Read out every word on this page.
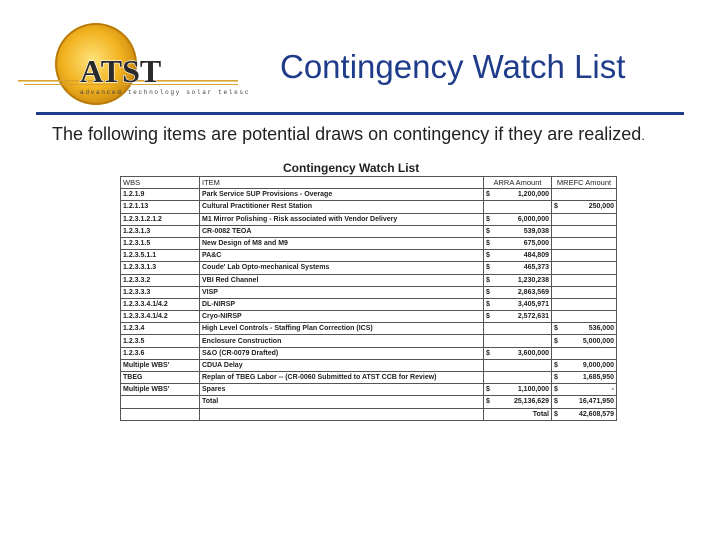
ATST
advanced technology solar telescope
Contingency Watch List
The following items are potential draws on contingency if they are realized.
Contingency Watch List
WBS	ITEM	ARRA Amount	MREFC Amount
1.2.1.9	Park Service SUP Provisions - Overage	$ 1,200,000	

1.2.1.13	Cultural Practitioner Rest Station		$ 250,000

1.2.3.1.2.1.2	M1 Mirror Polishing - Risk associated with Vendor Delivery	$ 6,000,000	

1.2.3.1.3	CR-0082 TEOA	$ 539,038	

1.2.3.1.5	New Design of M8 and M9	$ 675,000	

1.2.3.5.1.1	PA&C	$ 484,809	

1.2.3.3.1.3	Coude' Lab Opto-mechanical Systems	$ 465,373	

1.2.3.3.2	VBI Red Channel	$ 1,230,238	

1.2.3.3.3	VISP	$ 2,863,569	

1.2.3.3.4.1/4.2	DL-NIRSP	$ 3,405,971	

1.2.3.3.4.1/4.2	Cryo-NIRSP	$ 2,572,631	

1.2.3.4	High Level Controls - Staffing Plan Correction (ICS)		$ 536,000

1.2.3.5	Enclosure Construction		$ 5,000,000

1.2.3.6	S&O (CR-0079 Drafted)	$ 3,600,000	

Multiple WBS'	CDUA Delay		$ 9,000,000

TBEG	Replan of TBEG Labor -- (CR-0060 Submitted to ATST CCB for Review)		$ 1,685,950

Multiple WBS'	Spares	$ 1,100,000	$ -

	Total	$ 25,136,629	$ 16,471,950

		Total	$ 42,608,579
